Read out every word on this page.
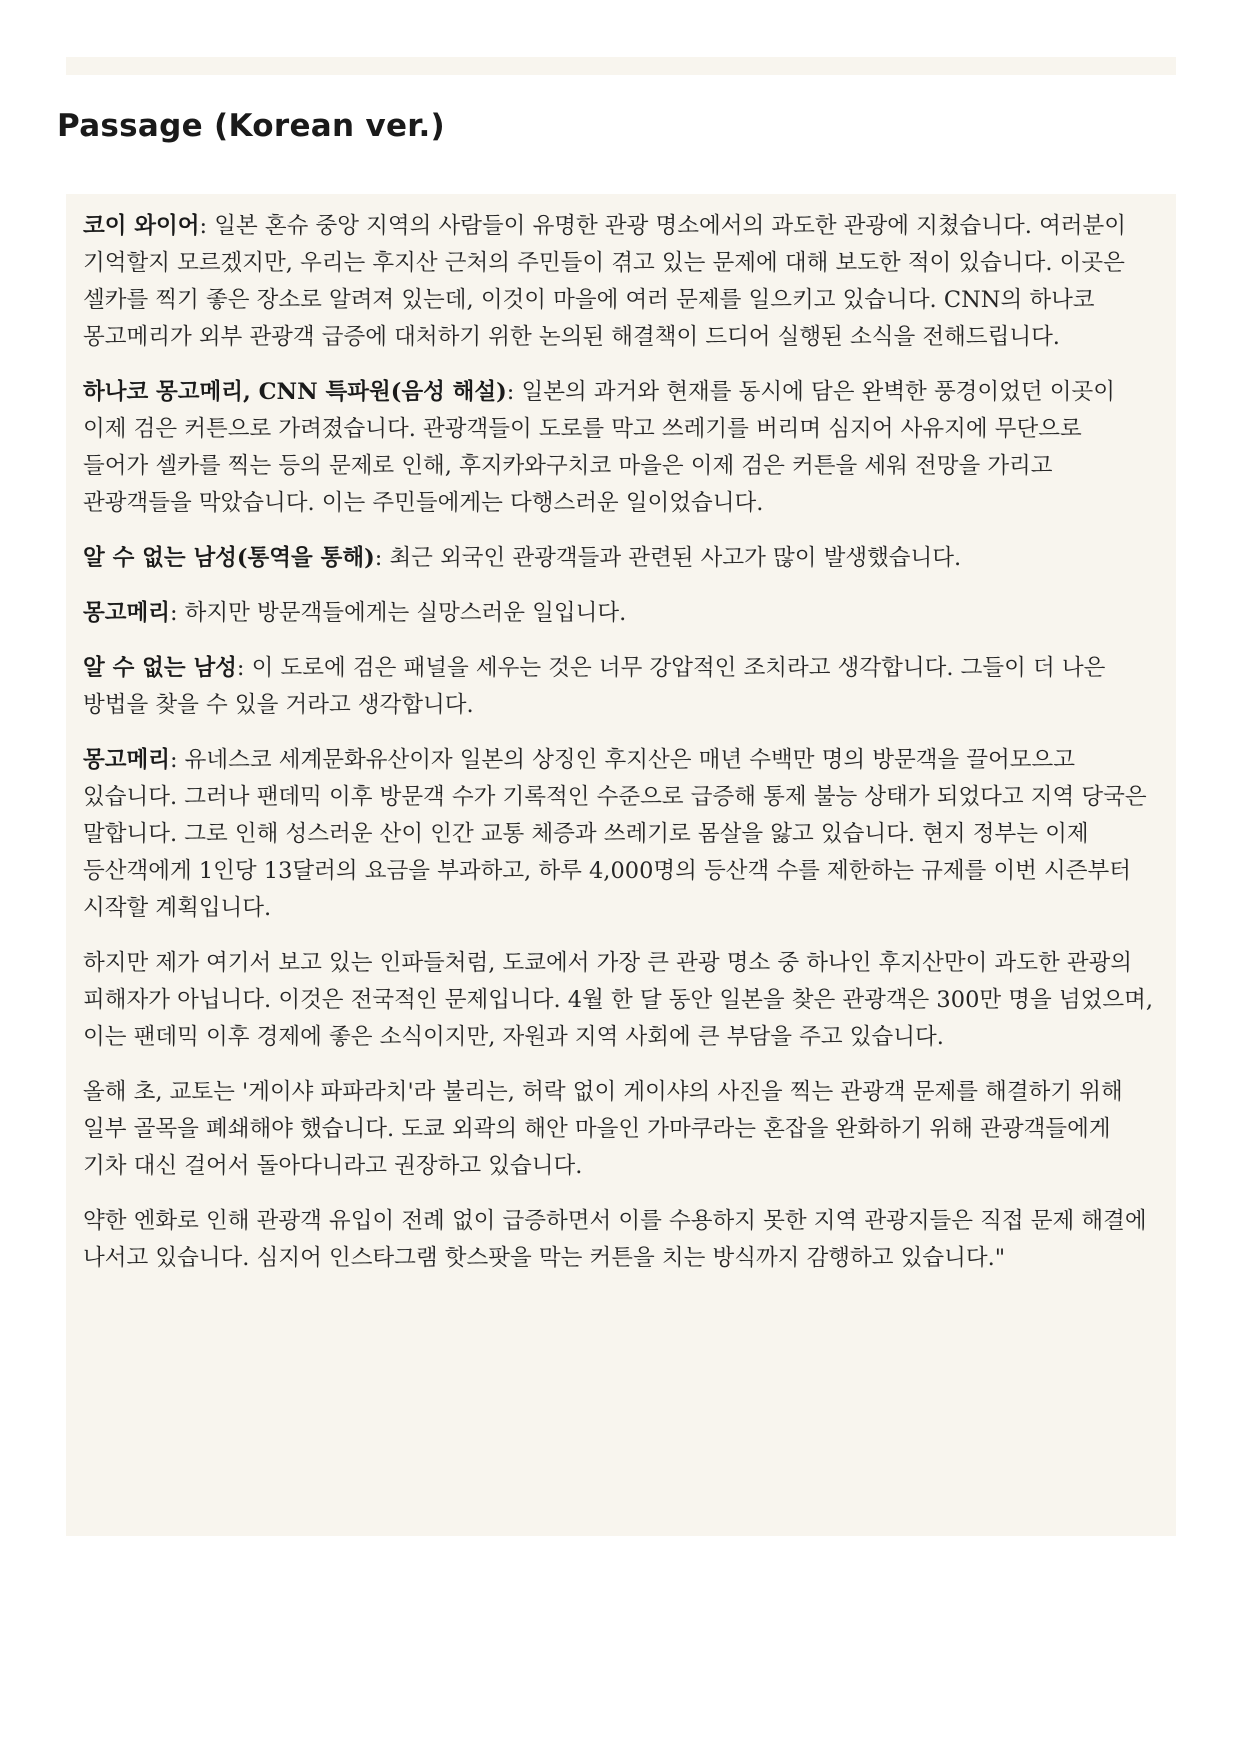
Passage (Korean ver.)

코이 와이어: 일본 혼슈 중앙 지역의 사람들이 유명한 관광 명소에서의 과도한 관광에 지쳤습니다. 여러분이 기억할지 모르겠지만, 우리는 후지산 근처의 주민들이 겪고 있는 문제에 대해 보도한 적이 있습니다. 이곳은 셀카를 찍기 좋은 장소로 알려져 있는데, 이것이 마을에 여러 문제를 일으키고 있습니다. CNN의 하나코 몽고메리가 외부 관광객 급증에 대처하기 위한 논의된 해결책이 드디어 실행된 소식을 전해드립니다.

하나코 몽고메리, CNN 특파원(음성 해설): 일본의 과거와 현재를 동시에 담은 완벽한 풍경이었던 이곳이 이제 검은 커튼으로 가려졌습니다. 관광객들이 도로를 막고 쓰레기를 버리며 심지어 사유지에 무단으로 들어가 셀카를 찍는 등의 문제로 인해, 후지카와구치코 마을은 이제 검은 커튼을 세워 전망을 가리고 관광객들을 막았습니다. 이는 주민들에게는 다행스러운 일이었습니다.

알 수 없는 남성(통역을 통해): 최근 외국인 관광객들과 관련된 사고가 많이 발생했습니다.

몽고메리: 하지만 방문객들에게는 실망스러운 일입니다.

알 수 없는 남성: 이 도로에 검은 패널을 세우는 것은 너무 강압적인 조치라고 생각합니다. 그들이 더 나은 방법을 찾을 수 있을 거라고 생각합니다.

몽고메리: 유네스코 세계문화유산이자 일본의 상징인 후지산은 매년 수백만 명의 방문객을 끌어모으고 있습니다. 그러나 팬데믹 이후 방문객 수가 기록적인 수준으로 급증해 통제 불능 상태가 되었다고 지역 당국은 말합니다. 그로 인해 성스러운 산이 인간 교통 체증과 쓰레기로 몸살을 앓고 있습니다. 현지 정부는 이제 등산객에게 1인당 13달러의 요금을 부과하고, 하루 4,000명의 등산객 수를 제한하는 규제를 이번 시즌부터 시작할 계획입니다.

하지만 제가 여기서 보고 있는 인파들처럼, 도쿄에서 가장 큰 관광 명소 중 하나인 후지산만이 과도한 관광의 피해자가 아닙니다. 이것은 전국적인 문제입니다. 4월 한 달 동안 일본을 찾은 관광객은 300만 명을 넘었으며, 이는 팬데믹 이후 경제에 좋은 소식이지만, 자원과 지역 사회에 큰 부담을 주고 있습니다.

올해 초, 교토는 '게이샤 파파라치'라 불리는, 허락 없이 게이샤의 사진을 찍는 관광객 문제를 해결하기 위해 일부 골목을 폐쇄해야 했습니다. 도쿄 외곽의 해안 마을인 가마쿠라는 혼잡을 완화하기 위해 관광객들에게 기차 대신 걸어서 돌아다니라고 권장하고 있습니다.

약한 엔화로 인해 관광객 유입이 전례 없이 급증하면서 이를 수용하지 못한 지역 관광지들은 직접 문제 해결에 나서고 있습니다. 심지어 인스타그램 핫스팟을 막는 커튼을 치는 방식까지 감행하고 있습니다."
